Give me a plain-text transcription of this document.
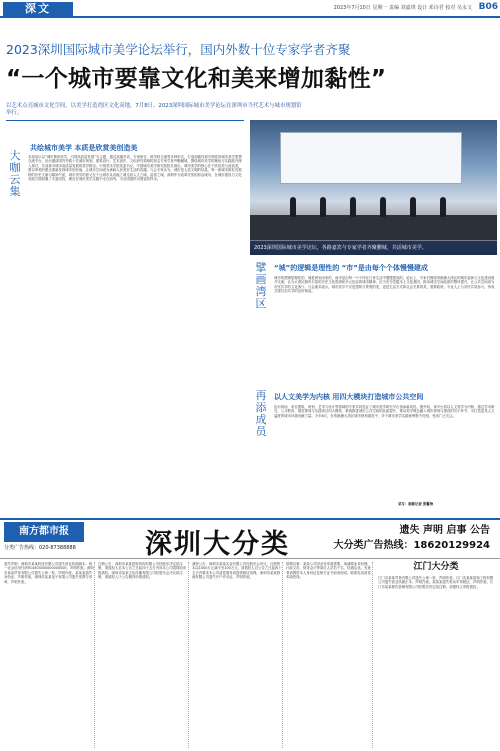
深文	2023年7月10日 星期一 责编 刘嘉琪 设计 邓诗君 校对 吴永文 B06
2023深圳国际城市美学论坛举行，国内外数十位专家学者齐聚
“一个城市要靠文化和美来增加黏性”
以艺术点亮城市文化空间，以美学打造湾区文化高地。7月8日，2023深圳国际城市美学论坛在深圳市当代艺术与城市规划馆举行。
共绘城市美学 本质是欣赏美创造美
大咖云集
本届论坛以“城市微审美学，引领高质量发展”为主题，通过高端对话、专家研讨、跨学科交流等多种形式，打造前瞻性和引领性的城市美学思想交流平台。论坛邀请国内外数十位城市规划、建筑设计、艺术创作、文化研究领域的知名专家学者齐聚鹏城，围绕城市美学的理论与实践展开深入探讨，共同探寻城市高质量发展的美学路径。中国美术学院党委书记、中国城市美学研究院院长指出，城市美学的核心在于欣赏美与创造美，要以审美的眼光重新发现城市的价值，让城市空间成为承载人民美好生活的容器。与会专家认为，城市是人类文明的结晶，每一座城市都有其独特的历史文脉与精神气质，城市美学的意义在于让城市从功能之城走向人文之城、品质之城。深圳作为改革开放的前沿城市，在城市建设与文化发展方面积累了丰富经验，理应在城市美学实践中走在前列，为全国提供可借鉴的样本。
2023深圳国际城市美学论坛，各路嘉宾与专家学者齐聚鹏城，共话城市美学。
擘画湾区
“城”的逻辑是理性的 “市”是由每个个体慢慢建成
城市的逻辑是理性的，城是规划出来的，而市是由每一个个体在日常生活中慢慢建成的。论坛上，专家们围绕粤港澳大湾区的城市更新与文化建设展开交流，认为大湾区拥有丰富的历史文化资源和多元包容的城市精神，应当充分挖掘本土文化基因，推动城市空间品质的整体提升，让公共空间成为市民共享的文化客厅。与会嘉宾表示，城市美学不仅是建筑与景观的美，更是生活方式和社会关系的美，需要政府、专业人士与市民共同参与，形成共建共治共享的良好格局。
再添成员
以人文美学为内核 用四大模块打造城市公共空间
论坛现场，来自建筑、规划、艺术与设计等领域的专家共同见证了城市美学研究平台再添新成员。据介绍，该平台将以人文美学为内核，通过学术研究、公共教育、展览策划与实践项目四大模块，系统推进城市公共空间的品质提升，推动美学理念融入城市规划与建设的各个环节，为打造更具人文温度的城市环境贡献力量。今年6月，在粤港澳大湾区城市规划展览中，多个城市美学实践案例集中亮相，受到广泛关注。
采写：南都记者 张馨怡
南方都市报
分类广告热线：020-87388888	深圳大分类	遗失 声明 启事 公告
大分类广告热线：18620129924
遗失声明：深圳市某某科技有限公司遗失营业执照副本，统一社会信用代码914403000000000000，声明作废。深圳市某某贸易有限公司遗失公章一枚，声明作废。某某某遗失身份证，声明作废。深圳市某某电子有限公司遗失发票专用章，声明作废。
注销公告：深圳市某某投资咨询有限公司经股东决定拟注销，请债权人自本公告之日起四十五日内向本公司清算组申报债权。深圳市某某文化传播有限公司经股东会决议拟注销，请债权人于公告期内申报债权。
减资公告：深圳市某某实业有限公司经股东会决议，注册资本由1000万元减少至100万元，请债权人自公告之日起四十五日内要求本公司清偿债务或提供相应担保。深圳市某某物流有限公司遗失开户许可证，声明作废。
招聘启事：某某公司因业务发展需要，现诚聘业务经理、行政文员、财务会计等岗位人员若干名，待遇从优。有意者请携带本人身份证及相关证书前来面试。联系电话请见本版热线。
江门大分类
江门市某某贸易有限公司遗失公章一枚，声明作废。江门市某某装饰工程有限公司遗失营业执照正本，声明作废。某某某遗失机动车驾驶证，声明作废。江门市某某餐饮管理有限公司经股东决定拟注销，请债权人申报债权。
